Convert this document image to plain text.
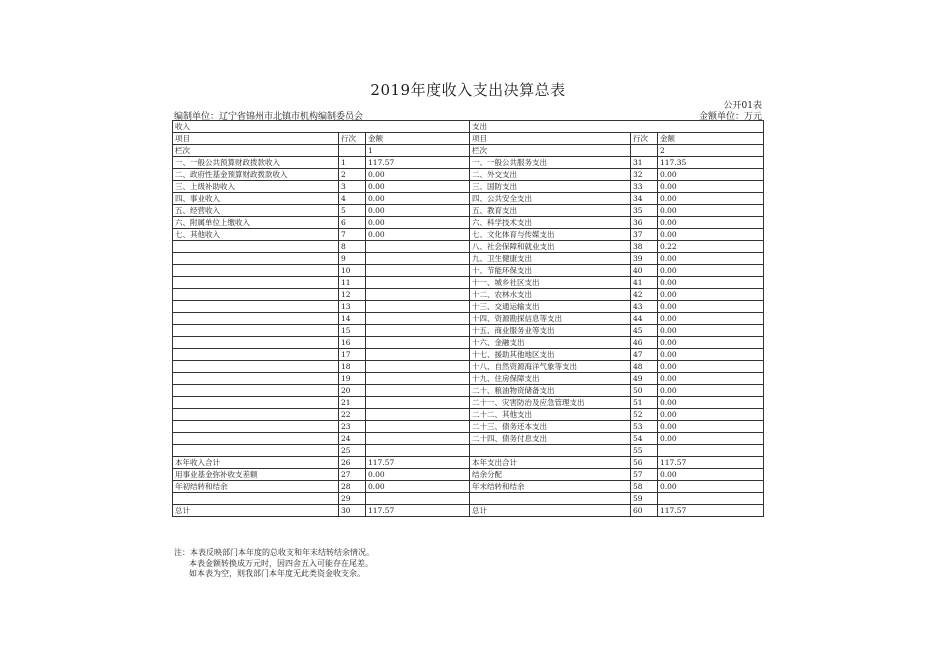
2019年度收入支出决算总表
公开01表
编制单位：辽宁省锦州市北镇市机构编制委员会	金额单位：万元
收入			支出		
项目	行次	金额	项目	行次	金额
栏次		1	栏次		2
一、一般公共预算财政拨款收入	1	117.57	一、一般公共服务支出	31	117.35
二、政府性基金预算财政拨款收入	2	0.00	二、外交支出	32	0.00
三、上级补助收入	3	0.00	三、国防支出	33	0.00
四、事业收入	4	0.00	四、公共安全支出	34	0.00
五、经营收入	5	0.00	五、教育支出	35	0.00
六、附属单位上缴收入	6	0.00	六、科学技术支出	36	0.00
七、其他收入	7	0.00	七、文化体育与传媒支出	37	0.00
	8		八、社会保障和就业支出	38	0.22
	9		九、卫生健康支出	39	0.00
	10		十、节能环保支出	40	0.00
	11		十一、城乡社区支出	41	0.00
	12		十二、农林水支出	42	0.00
	13		十三、交通运输支出	43	0.00
	14		十四、资源勘探信息等支出	44	0.00
	15		十五、商业服务业等支出	45	0.00
	16		十六、金融支出	46	0.00
	17		十七、援助其他地区支出	47	0.00
	18		十八、自然资源海洋气象等支出	48	0.00
	19		十九、住房保障支出	49	0.00
	20		二十、粮油物资储备支出	50	0.00
	21		二十一、灾害防治及应急管理支出	51	0.00
	22		二十二、其他支出	52	0.00
	23		二十三、债务还本支出	53	0.00
	24		二十四、债务付息支出	54	0.00
	25			55	
本年收入合计	26	117.57	本年支出合计	56	117.57
用事业基金弥补收支差额	27	0.00	结余分配	57	0.00
年初结转和结余	28	0.00	年末结转和结余	58	0.00
	29			59	
总计	30	117.57	总计	60	117.57
注：本表反映部门本年度的总收支和年末结转结余情况。
本表金额转换成万元时，因四舍五入可能存在尾差。
如本表为空，则我部门本年度无此类资金收支余。
